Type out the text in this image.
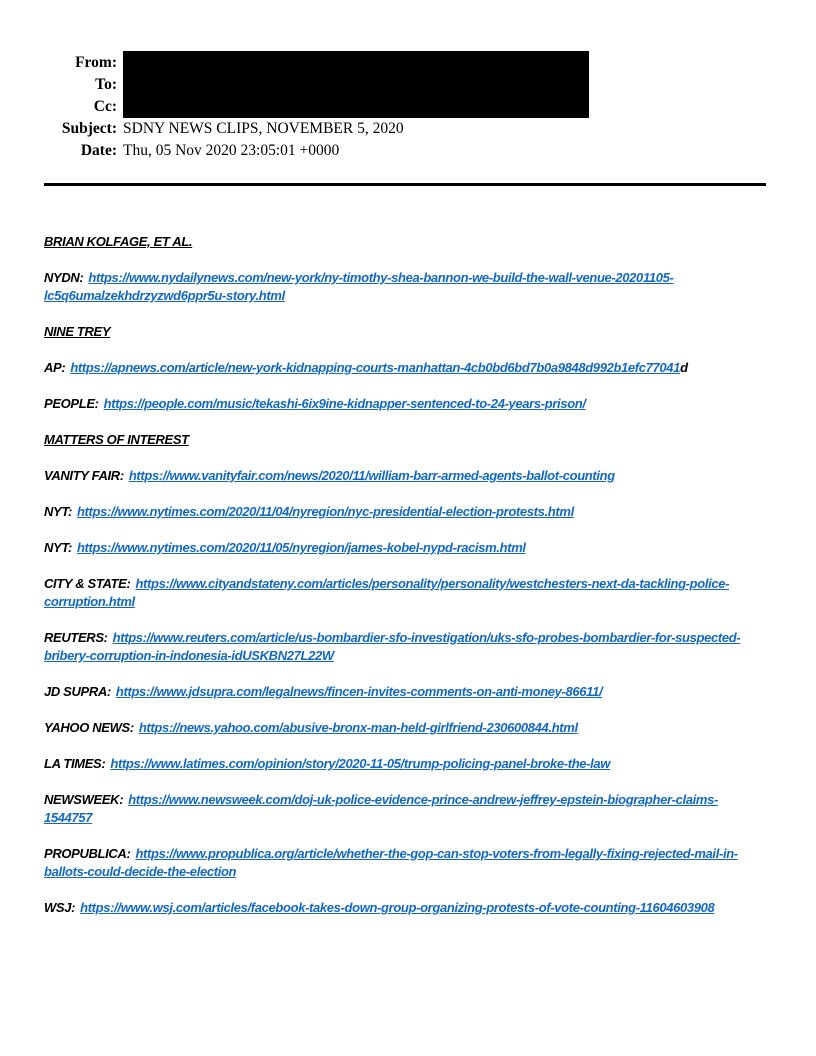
From:
To:
Cc:
Subject: SDNY NEWS CLIPS, NOVEMBER 5, 2020
Date: Thu, 05 Nov 2020 23:05:01 +0000

BRIAN KOLFAGE, ET AL.

NYDN: https://www.nydailynews.com/new-york/ny-timothy-shea-bannon-we-build-the-wall-venue-20201105-lc5q6umalzekhdrzyzwd6ppr5u-story.html

NINE TREY

AP: https://apnews.com/article/new-york-kidnapping-courts-manhattan-4cb0bd6bd7b0a9848d992b1efc77041d

PEOPLE: https://people.com/music/tekashi-6ix9ine-kidnapper-sentenced-to-24-years-prison/

MATTERS OF INTEREST

VANITY FAIR: https://www.vanityfair.com/news/2020/11/william-barr-armed-agents-ballot-counting

NYT: https://www.nytimes.com/2020/11/04/nyregion/nyc-presidential-election-protests.html

NYT: https://www.nytimes.com/2020/11/05/nyregion/james-kobel-nypd-racism.html

CITY & STATE: https://www.cityandstateny.com/articles/personality/personality/westchesters-next-da-tackling-police-corruption.html

REUTERS: https://www.reuters.com/article/us-bombardier-sfo-investigation/uks-sfo-probes-bombardier-for-suspected-bribery-corruption-in-indonesia-idUSKBN27L22W

JD SUPRA: https://www.jdsupra.com/legalnews/fincen-invites-comments-on-anti-money-86611/

YAHOO NEWS: https://news.yahoo.com/abusive-bronx-man-held-girlfriend-230600844.html

LA TIMES: https://www.latimes.com/opinion/story/2020-11-05/trump-policing-panel-broke-the-law

NEWSWEEK: https://www.newsweek.com/doj-uk-police-evidence-prince-andrew-jeffrey-epstein-biographer-claims-1544757

PROPUBLICA: https://www.propublica.org/article/whether-the-gop-can-stop-voters-from-legally-fixing-rejected-mail-in-ballots-could-decide-the-election

WSJ: https://www.wsj.com/articles/facebook-takes-down-group-organizing-protests-of-vote-counting-11604603908
